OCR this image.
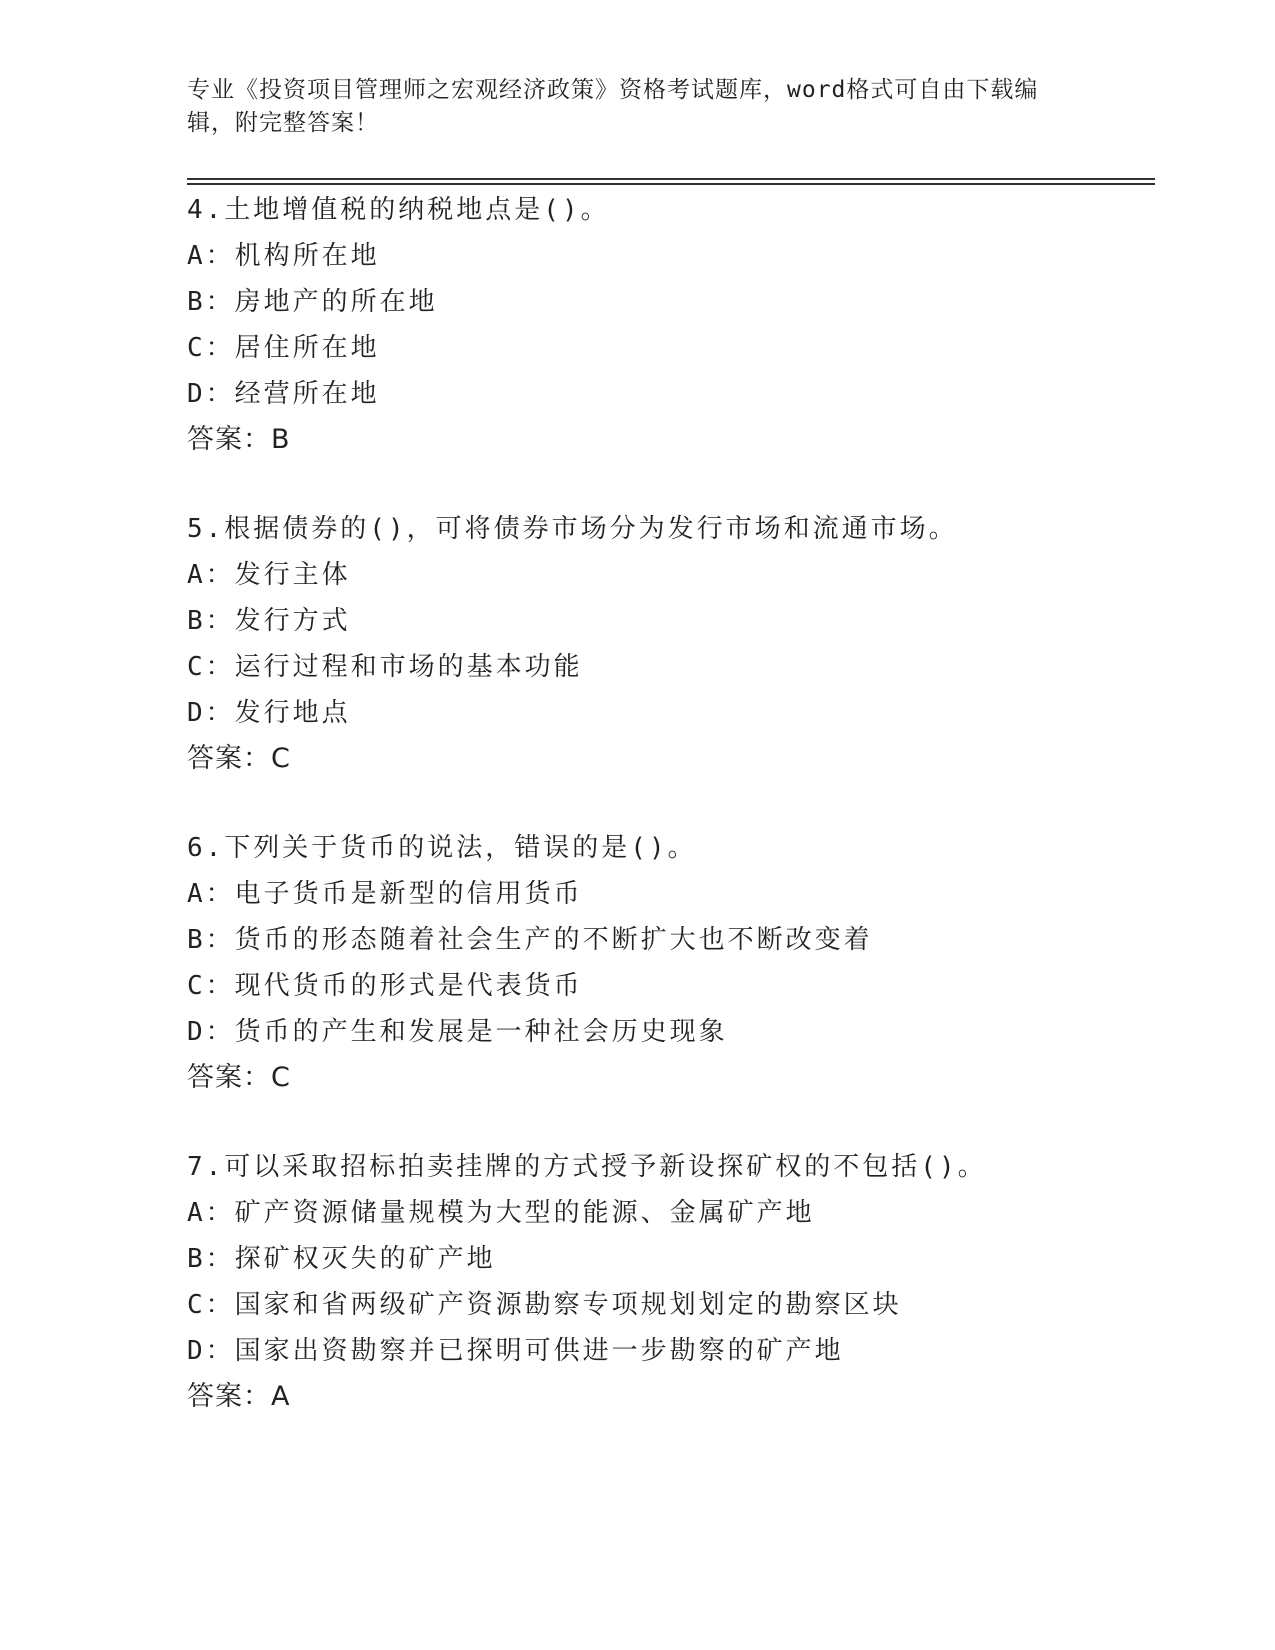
专业《投资项目管理师之宏观经济政策》资格考试题库，word格式可自由下载编
辑，附完整答案！
4.土地增值税的纳税地点是()。
A：机构所在地
B：房地产的所在地
C：居住所在地
D：经营所在地
答案：B
5.根据债券的()，可将债券市场分为发行市场和流通市场。
A：发行主体
B：发行方式
C：运行过程和市场的基本功能
D：发行地点
答案：C
6.下列关于货币的说法，错误的是()。
A：电子货币是新型的信用货币
B：货币的形态随着社会生产的不断扩大也不断改变着
C：现代货币的形式是代表货币
D：货币的产生和发展是一种社会历史现象
答案：C
7.可以采取招标拍卖挂牌的方式授予新设探矿权的不包括()。
A：矿产资源储量规模为大型的能源、金属矿产地
B：探矿权灭失的矿产地
C：国家和省两级矿产资源勘察专项规划划定的勘察区块
D：国家出资勘察并已探明可供进一步勘察的矿产地
答案：A
